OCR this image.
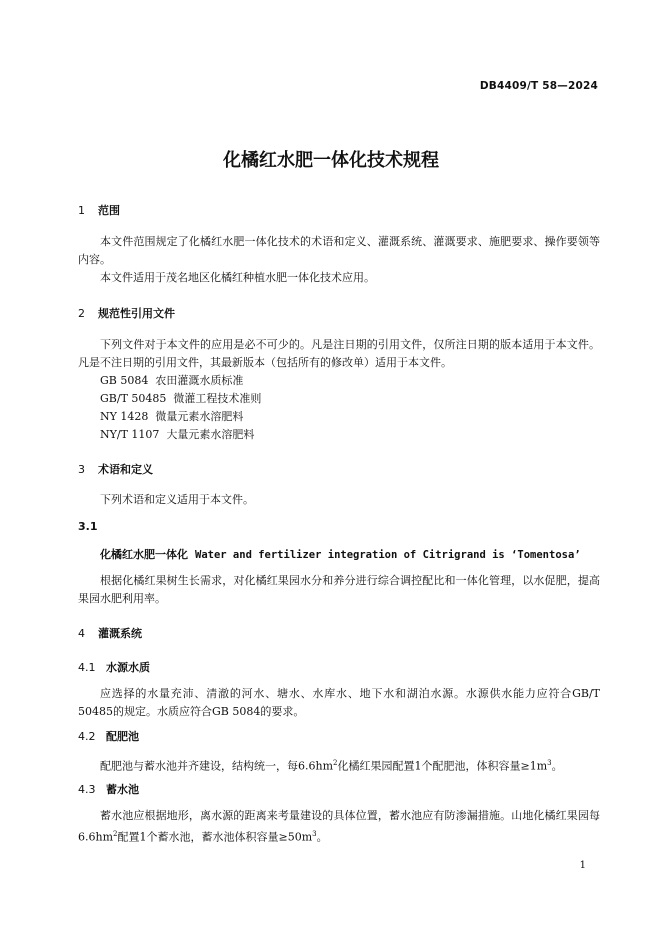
DB4409/T 58—2024
化橘红水肥一体化技术规程
1 范围

本文件范围规定了化橘红水肥一体化技术的术语和定义、灌溉系统、灌溉要求、施肥要求、操作要领等内容。

本文件适用于茂名地区化橘红种植水肥一体化技术应用。

2 规范性引用文件

下列文件对于本文件的应用是必不可少的。凡是注日期的引用文件，仅所注日期的版本适用于本文件。凡是不注日期的引用文件，其最新版本（包括所有的修改单）适用于本文件。

GB 5084  农田灌溉水质标准
GB/T 50485  微灌工程技术准则
NY 1428  微量元素水溶肥料
NY/T 1107  大量元素水溶肥料
3 术语和定义

下列术语和定义适用于本文件。

3.1
化橘红水肥一体化 Water and fertilizer integration of Citrigrand is ‘Tomentosa’

根据化橘红果树生长需求，对化橘红果园水分和养分进行综合调控配比和一体化管理，以水促肥，提高果园水肥利用率。

4 灌溉系统
4.1 水源水质

应选择的水量充沛、清澈的河水、塘水、水库水、地下水和湖泊水源。水源供水能力应符合GB/T 50485的规定。水质应符合GB 5084的要求。

4.2 配肥池

配肥池与蓄水池并齐建设，结构统一，每$6.6hm^2$化橘红果园配置1个配肥池，体积容量$\ge 1m^3$。

4.3 蓄水池

蓄水池应根据地形，离水源的距离来考量建设的具体位置，蓄水池应有防渗漏措施。山地化橘红果园每$6.6hm^2$配置1个蓄水池，蓄水池体积容量$\ge 50m^3$。

1
